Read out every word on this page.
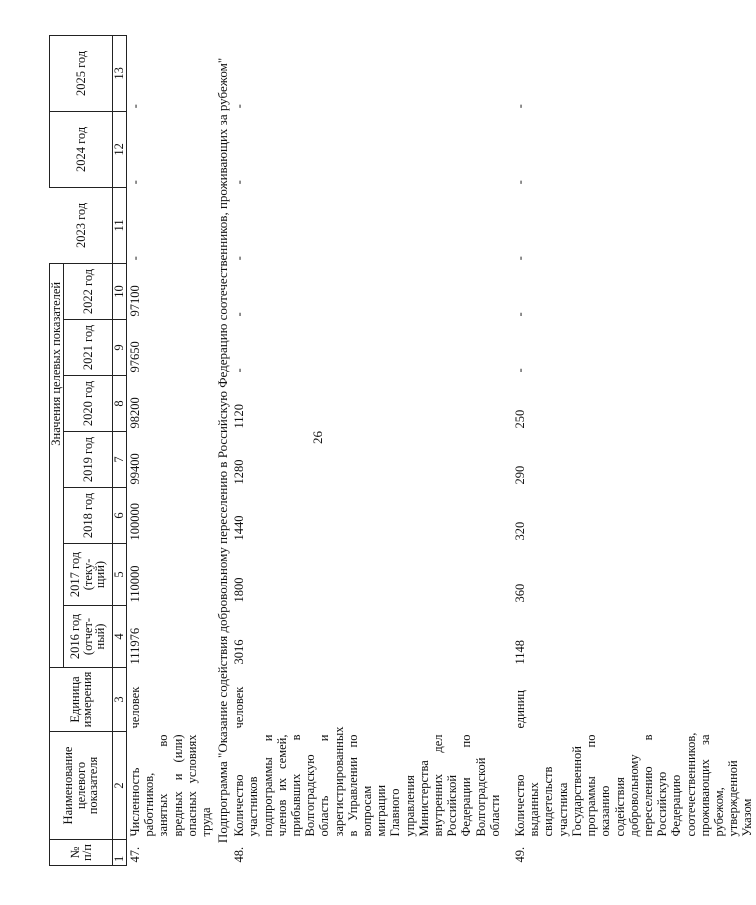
26
№ п/п	Наименование целевого показателя	Единица измерения	Значения целевых показателей							2023 год	2024 год	2025 год
			2016 год (отчет-ный)	2017 год (теку-щий)	2018 год	2019 год	2020 год	2021 год	2022 год			
1	2	3	4	5	6	7	8	9	10	11	12	13
47.	Численность работников, занятых во вредных и (или) опасных условиях труда	человек	111976	110000	100000	99400	98200	97650	97100	-	-	-
Подпрограмма "Оказание содействия добровольному переселению в Российскую Федерацию соотечественников, проживающих за рубежом"												
48.	Количество участников подпрограммы и членов их семей, прибывших в Волгоградскую область и зарегистрированных в Управлении по вопросам миграции Главного управления Министерства внутренних дел Российской Федерации по Волгоградской области	человек	3016	1800	1440	1280	1120	-	-	-	-	-
49.	Количество выданных свидетельств участника Государственной программы по оказанию содействия добровольному переселению в Российскую Федерацию соотечественников, проживающих за рубежом, утвержденной Указом	единиц	1148	360	320	290	250	-	-	-	-	-
